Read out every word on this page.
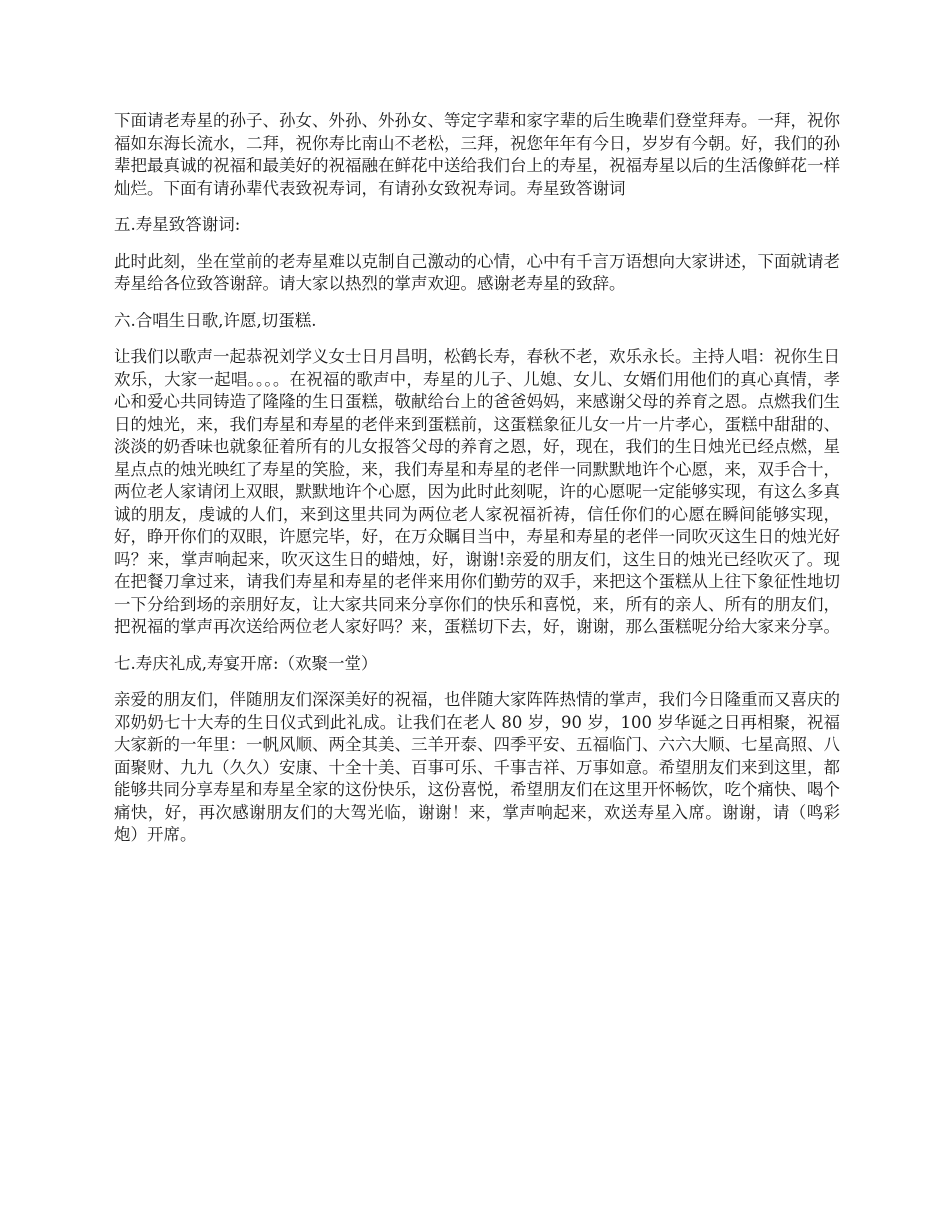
下面请老寿星的孙子、孙女、外孙、外孙女、等定字辈和家字辈的后生晚辈们登堂拜寿。一拜，祝你福如东海长流水，二拜，祝你寿比南山不老松，三拜，祝您年年有今日，岁岁有今朝。好，我们的孙辈把最真诚的祝福和最美好的祝福融在鲜花中送给我们台上的寿星，祝福寿星以后的生活像鲜花一样灿烂。下面有请孙辈代表致祝寿词，有请孙女致祝寿词。寿星致答谢词

五.寿星致答谢词:

此时此刻，坐在堂前的老寿星难以克制自己激动的心情，心中有千言万语想向大家讲述，下面就请老寿星给各位致答谢辞。请大家以热烈的掌声欢迎。感谢老寿星的致辞。

六.合唱生日歌,许愿,切蛋糕.

让我们以歌声一起恭祝刘学义女士日月昌明，松鹤长寿，春秋不老，欢乐永长。主持人唱：祝你生日欢乐，大家一起唱。。。。在祝福的歌声中，寿星的儿子、儿媳、女儿、女婿们用他们的真心真情，孝心和爱心共同铸造了隆隆的生日蛋糕，敬献给台上的爸爸妈妈，来感谢父母的养育之恩。点燃我们生日的烛光，来，我们寿星和寿星的老伴来到蛋糕前，这蛋糕象征儿女一片一片孝心，蛋糕中甜甜的、淡淡的奶香味也就象征着所有的儿女报答父母的养育之恩，好，现在，我们的生日烛光已经点燃，星星点点的烛光映红了寿星的笑脸，来，我们寿星和寿星的老伴一同默默地许个心愿，来，双手合十，两位老人家请闭上双眼，默默地许个心愿，因为此时此刻呢，许的心愿呢一定能够实现，有这么多真诚的朋友，虔诚的人们，来到这里共同为两位老人家祝福祈祷，信任你们的心愿在瞬间能够实现，好，睁开你们的双眼，许愿完毕，好，在万众瞩目当中，寿星和寿星的老伴一同吹灭这生日的烛光好吗？来，掌声响起来，吹灭这生日的蜡烛，好，谢谢!亲爱的朋友们，这生日的烛光已经吹灭了。现在把餐刀拿过来，请我们寿星和寿星的老伴来用你们勤劳的双手，来把这个蛋糕从上往下象征性地切一下分给到场的亲朋好友，让大家共同来分享你们的快乐和喜悦，来，所有的亲人、所有的朋友们，把祝福的掌声再次送给两位老人家好吗？来，蛋糕切下去，好，谢谢，那么蛋糕呢分给大家来分享。

七.寿庆礼成,寿宴开席:（欢聚一堂）

亲爱的朋友们，伴随朋友们深深美好的祝福，也伴随大家阵阵热情的掌声，我们今日隆重而又喜庆的邓奶奶七十大寿的生日仪式到此礼成。让我们在老人 80 岁，90 岁，100 岁华诞之日再相聚，祝福大家新的一年里：一帆风顺、两全其美、三羊开泰、四季平安、五福临门、六六大顺、七星高照、八面聚财、九九（久久）安康、十全十美、百事可乐、千事吉祥、万事如意。希望朋友们来到这里，都能够共同分享寿星和寿星全家的这份快乐，这份喜悦，希望朋友们在这里开怀畅饮，吃个痛快、喝个痛快，好，再次感谢朋友们的大驾光临，谢谢！来，掌声响起来，欢送寿星入席。谢谢，请（鸣彩炮）开席。
